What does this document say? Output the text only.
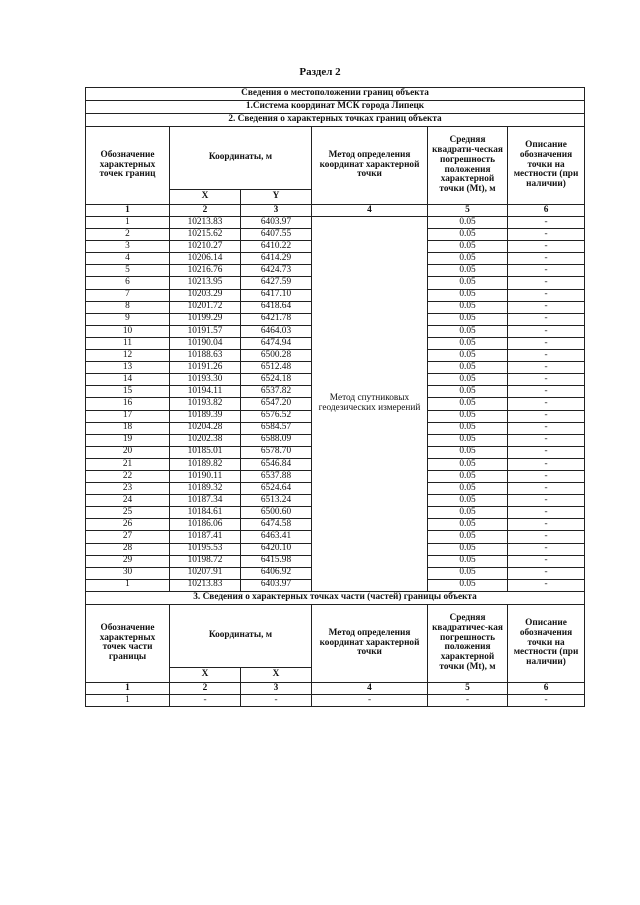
Раздел 2
Сведения о местоположении границ объекта					
1.Система координат МСК города Липецк					
2. Сведения о характерных точках границ объекта					
Обозначение характерных точек границ	Координаты, м		Метод определения координат характерной точки	Средняя квадрати-ческая погрешность положения характерной точки (Mt), м	Описание обозначения точки на местности (при наличии)
	X	Y			
1	2	3	4	5	6
1	10213.83	6403.97	Метод спутниковых геодезических измерений	0.05	-
2	10215.62	6407.55		0.05	-
3	10210.27	6410.22		0.05	-
4	10206.14	6414.29		0.05	-
5	10216.76	6424.73		0.05	-
6	10213.95	6427.59		0.05	-
7	10203.29	6417.10		0.05	-
8	10201.72	6418.64		0.05	-
9	10199.29	6421.78		0.05	-
10	10191.57	6464.03		0.05	-
11	10190.04	6474.94		0.05	-
12	10188.63	6500.28		0.05	-
13	10191.26	6512.48		0.05	-
14	10193.30	6524.18		0.05	-
15	10194.11	6537.82		0.05	-
16	10193.82	6547.20		0.05	-
17	10189.39	6576.52		0.05	-
18	10204.28	6584.57		0.05	-
19	10202.38	6588.09		0.05	-
20	10185.01	6578.70		0.05	-
21	10189.82	6546.84		0.05	-
22	10190.11	6537.88		0.05	-
23	10189.32	6524.64		0.05	-
24	10187.34	6513.24		0.05	-
25	10184.61	6500.60		0.05	-
26	10186.06	6474.58		0.05	-
27	10187.41	6463.41		0.05	-
28	10195.53	6420.10		0.05	-
29	10198.72	6415.98		0.05	-
30	10207.91	6406.92		0.05	-
1	10213.83	6403.97		0.05	-
3. Сведения о характерных точках части (частей) границы объекта					
Обозначение характерных точек части границы	Координаты, м		Метод определения координат характерной точки	Средняя квадратичес-кая погрешность положения характерной точки (Mt), м	Описание обозначения точки на местности (при наличии)
	X	X			
1	2	3	4	5	6
1	-	-	-	-	-
